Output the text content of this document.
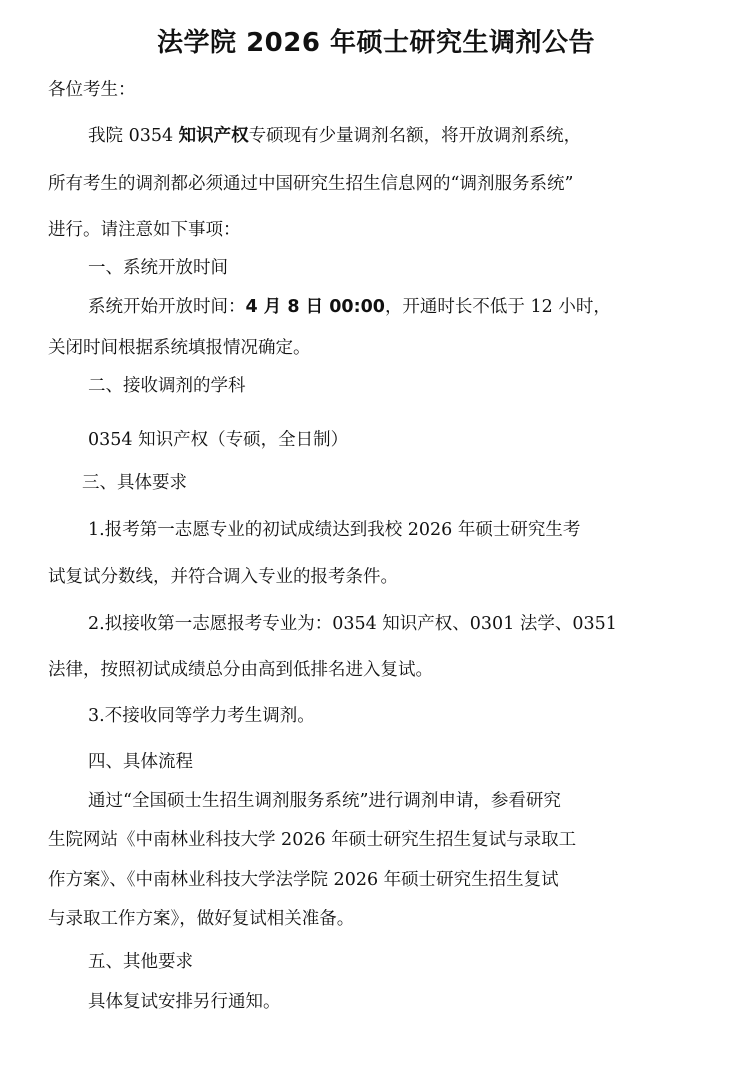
法学院 2026 年硕士研究生调剂公告

各位考生：

我院 0354 知识产权专硕现有少量调剂名额，将开放调剂系统，

所有考生的调剂都必须通过中国研究生招生信息网的“调剂服务系统”

进行。请注意如下事项：

一、系统开放时间

系统开始开放时间：4 月 8 日 00:00，开通时长不低于 12 小时，

关闭时间根据系统填报情况确定。

二、接收调剂的学科

0354 知识产权（专硕，全日制）

三、具体要求

1.报考第一志愿专业的初试成绩达到我校 2026 年硕士研究生考

试复试分数线，并符合调入专业的报考条件。

2.拟接收第一志愿报考专业为：0354 知识产权、0301 法学、0351

法律，按照初试成绩总分由高到低排名进入复试。

3.不接收同等学力考生调剂。

四、具体流程

通过“全国硕士生招生调剂服务系统”进行调剂申请，参看研究

生院网站《中南林业科技大学 2026 年硕士研究生招生复试与录取工

作方案》、《中南林业科技大学法学院 2026 年硕士研究生招生复试

与录取工作方案》，做好复试相关准备。

五、其他要求

具体复试安排另行通知。
